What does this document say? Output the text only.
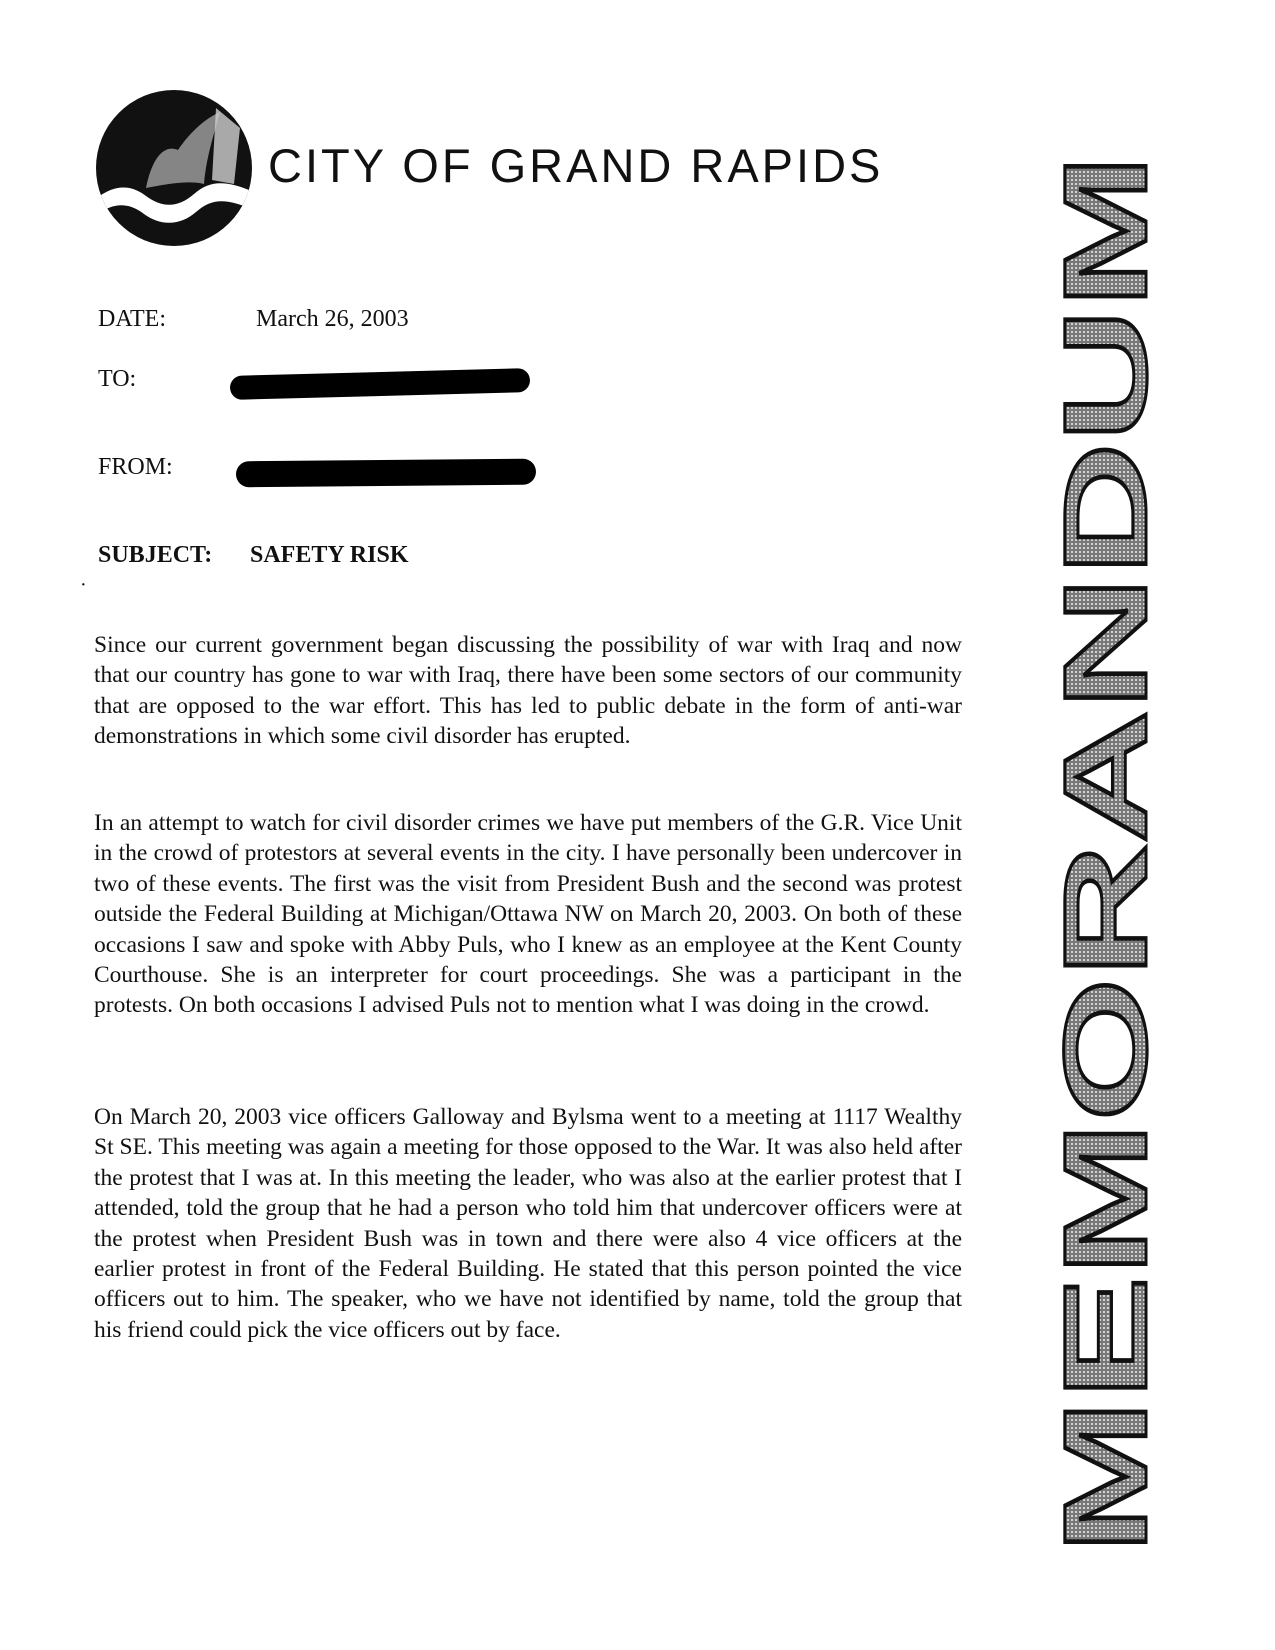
CITY OF GRAND RAPIDS
DATE:	March 26, 2003
TO:
FROM:
·
SUBJECT: SAFETY RISK

Since our current government began discussing the possibility of war with Iraq and now that our country has gone to war with Iraq, there have been some sectors of our community that are opposed to the war effort. This has led to public debate in the form of anti-war demonstrations in which some civil disorder has erupted.

In an attempt to watch for civil disorder crimes we have put members of the G.R. Vice Unit in the crowd of protestors at several events in the city. I have personally been undercover in two of these events. The first was the visit from President Bush and the second was protest outside the Federal Building at Michigan/Ottawa NW on March 20, 2003. On both of these occasions I saw and spoke with Abby Puls, who I knew as an employee at the Kent County Courthouse. She is an interpreter for court proceedings. She was a participant in the protests. On both occasions I advised Puls not to mention what I was doing in the crowd.

On March 20, 2003 vice officers Galloway and Bylsma went to a meeting at 1117 Wealthy St SE. This meeting was again a meeting for those opposed to the War. It was also held after the protest that I was at. In this meeting the leader, who was also at the earlier protest that I attended, told the group that he had a person who told him that undercover officers were at the protest when President Bush was in town and there were also 4 vice officers at the earlier protest in front of the Federal Building. He stated that this person pointed the vice officers out to him. The speaker, who we have not identified by name, told the group that his friend could pick the vice officers out by face.	MEMORANDUM
